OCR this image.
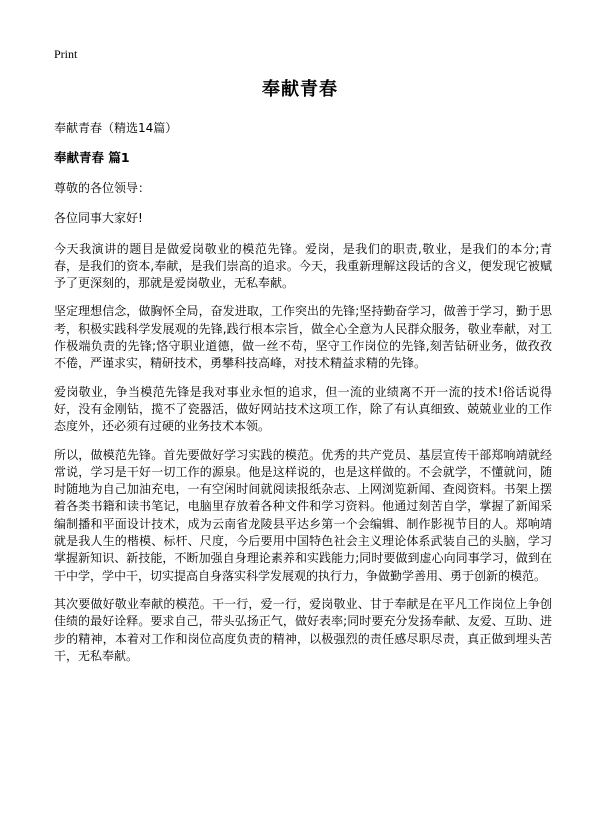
Print
奉献青春
奉献青春（精选14篇）
奉献青春 篇1

尊敬的各位领导：

各位同事大家好!

今天我演讲的题目是做爱岗敬业的模范先锋。爱岗，是我们的职责,敬业，是我们的本分;青春，是我们的资本,奉献，是我们崇高的追求。今天，我重新理解这段话的含义，便发现它被赋予了更深刻的，那就是爱岗敬业，无私奉献。

坚定理想信念，做胸怀全局，奋发进取，工作突出的先锋;坚持勤奋学习，做善于学习，勤于思考，积极实践科学发展观的先锋,践行根本宗旨，做全心全意为人民群众服务，敬业奉献，对工作极端负责的先锋;恪守职业道德，做一丝不苟，坚守工作岗位的先锋,刻苦钻研业务，做孜孜不倦，严谨求实，精研技术，勇攀科技高峰，对技术精益求精的先锋。

爱岗敬业，争当模范先锋是我对事业永恒的追求，但一流的业绩离不开一流的技术!俗话说得好，没有金刚钻，揽不了瓷器活，做好网站技术这项工作，除了有认真细致、兢兢业业的工作态度外，还必须有过硬的业务技术本领。

所以，做模范先锋。首先要做好学习实践的模范。优秀的共产党员、基层宣传干部郑响靖就经常说，学习是干好一切工作的源泉。他是这样说的，也是这样做的。不会就学，不懂就问，随时随地为自己加油充电，一有空闲时间就阅读报纸杂志、上网浏览新闻、查阅资料。书架上摆着各类书籍和读书笔记，电脑里存放着各种文件和学习资料。他通过刻苦自学，掌握了新闻采编制播和平面设计技术，成为云南省龙陵县平达乡第一个会编辑、制作影视节目的人。郑响靖就是我人生的楷模、标杆、尺度，今后要用中国特色社会主义理论体系武装自己的头脑，学习掌握新知识、新技能，不断加强自身理论素养和实践能力;同时要做到虚心向同事学习，做到在干中学，学中干，切实提高自身落实科学发展观的执行力，争做勤学善用、勇于创新的模范。

其次要做好敬业奉献的模范。干一行，爱一行，爱岗敬业、甘于奉献是在平凡工作岗位上争创佳绩的最好诠释。要求自己，带头弘扬正气，做好表率;同时要充分发扬奉献、友爱、互助、进步的精神，本着对工作和岗位高度负责的精神，以极强烈的责任感尽职尽责，真正做到埋头苦干，无私奉献。
